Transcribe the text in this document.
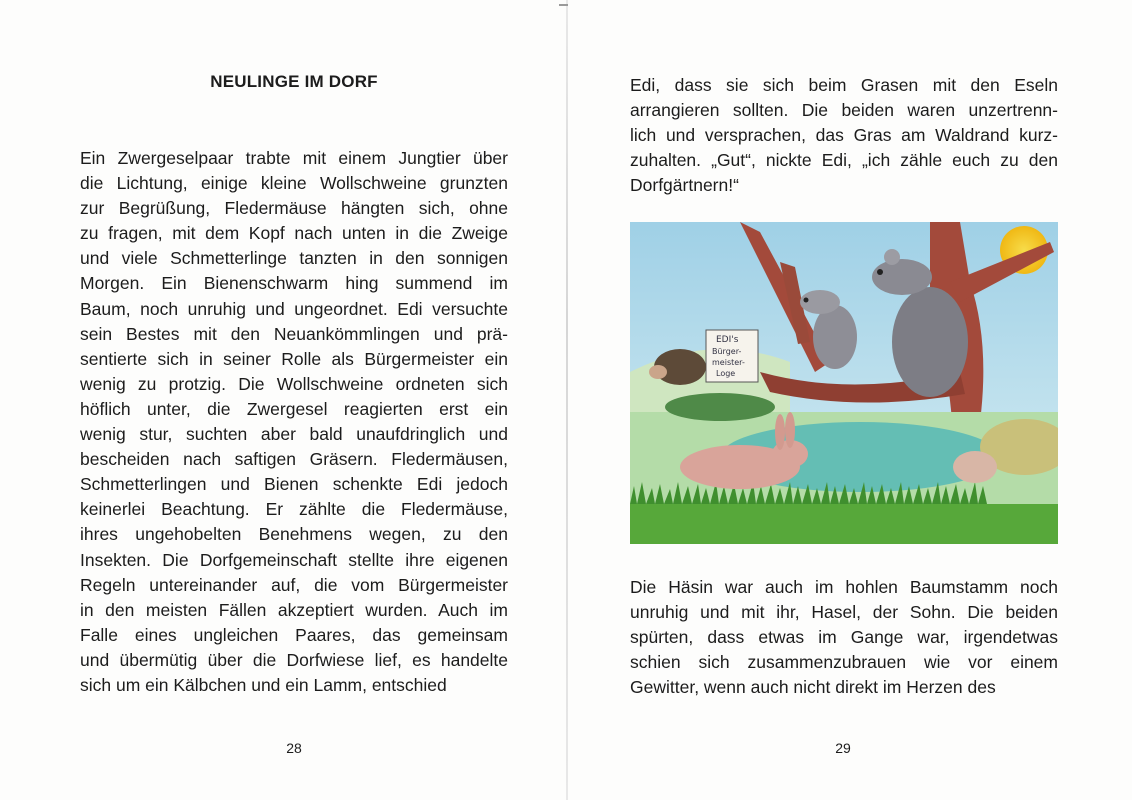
NEULINGE IM DORF
Ein Zwergeselpaar trabte mit einem Jungtier über
die Lichtung, einige kleine Wollschweine grunzten
zur Begrüßung, Fledermäuse hängten sich, ohne
zu fragen, mit dem Kopf nach unten in die Zweige
und viele Schmetterlinge tanzten in den sonnigen
Morgen. Ein Bienenschwarm hing summend im
Baum, noch unruhig und ungeordnet. Edi versuchte
sein Bestes mit den Neuankömmlingen und prä-
sentierte sich in seiner Rolle als Bürgermeister ein
wenig zu protzig. Die Wollschweine ordneten sich
höflich unter, die Zwergesel reagierten erst ein
wenig stur, suchten aber bald unaufdringlich und
bescheiden nach saftigen Gräsern. Fledermäusen,
Schmetterlingen und Bienen schenkte Edi jedoch
keinerlei Beachtung. Er zählte die Fledermäuse,
ihres ungehobelten Benehmens wegen, zu den
Insekten. Die Dorfgemeinschaft stellte ihre eigenen
Regeln untereinander auf, die vom Bürgermeister
in den meisten Fällen akzeptiert wurden. Auch im
Falle eines ungleichen Paares, das gemeinsam
und übermütig über die Dorfwiese lief, es handelte
sich um ein Kälbchen und ein Lamm, entschied
28
Edi, dass sie sich beim Grasen mit den Eseln
arrangieren sollten. Die beiden waren unzertrenn-
lich und versprachen, das Gras am Waldrand kurz-
zuhalten. „Gut“, nickte Edi, „ich zähle euch zu den
Dorfgärtnern!“
EDI's
Bürger-
meister-
Loge
Die Häsin war auch im hohlen Baumstamm noch
unruhig und mit ihr, Hasel, der Sohn. Die beiden
spürten, dass etwas im Gange war, irgendetwas
schien sich zusammenzubrauen wie vor einem
Gewitter, wenn auch nicht direkt im Herzen des
29
